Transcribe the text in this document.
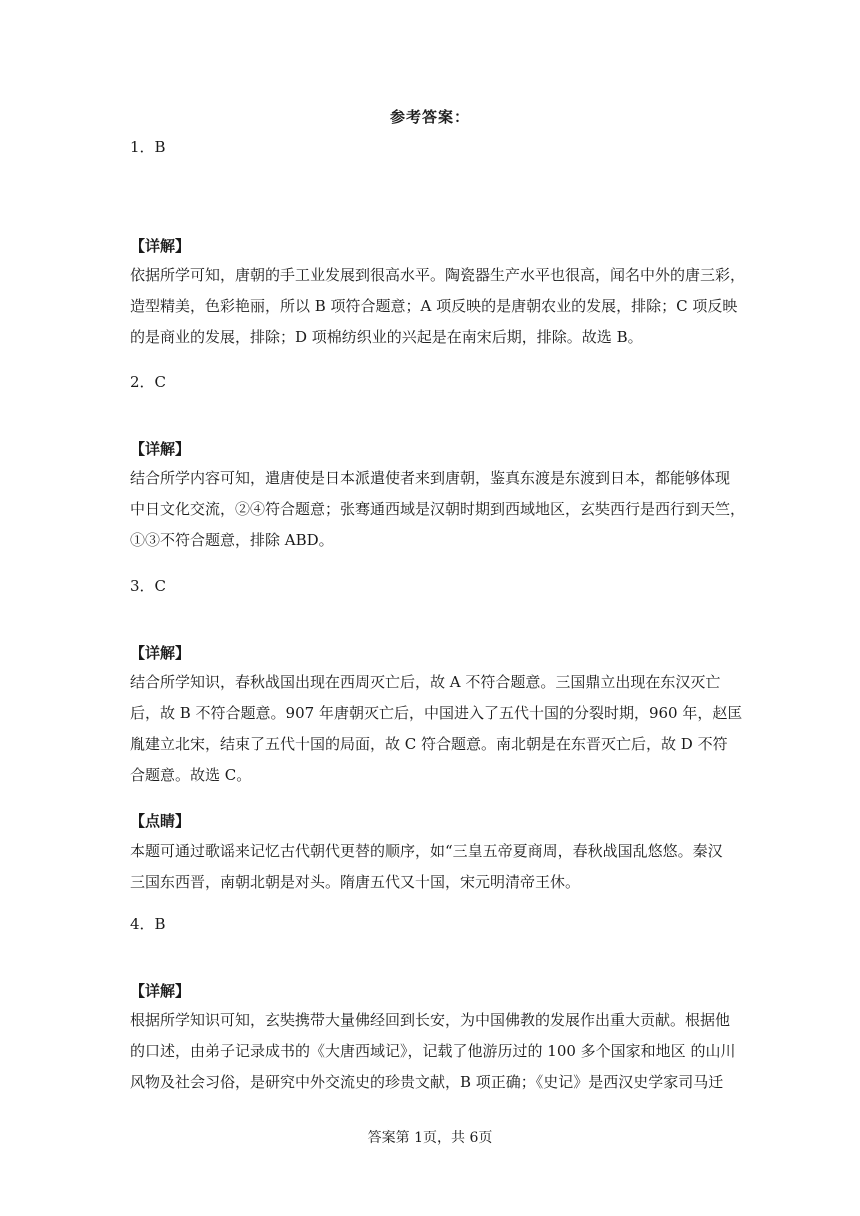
参考答案：
1．B
【详解】
依据所学可知，唐朝的手工业发展到很高水平。陶瓷器生产水平也很高，闻名中外的唐三彩，
造型精美，色彩艳丽，所以 B 项符合题意；A 项反映的是唐朝农业的发展，排除；C 项反映
的是商业的发展，排除；D 项棉纺织业的兴起是在南宋后期，排除。故选 B。
2．C
【详解】
结合所学内容可知，遣唐使是日本派遣使者来到唐朝，鉴真东渡是东渡到日本，都能够体现
中日文化交流，②④符合题意；张骞通西域是汉朝时期到西域地区，玄奘西行是西行到天竺，
①③不符合题意，排除 ABD。
3．C
【详解】
结合所学知识，春秋战国出现在西周灭亡后，故 A 不符合题意。三国鼎立出现在东汉灭亡
后，故 B 不符合题意。907 年唐朝灭亡后，中国进入了五代十国的分裂时期，960 年，赵匡
胤建立北宋，结束了五代十国的局面，故 C 符合题意。南北朝是在东晋灭亡后，故 D 不符
合题意。故选 C。
【点睛】
本题可通过歌谣来记忆古代朝代更替的顺序，如“三皇五帝夏商周，春秋战国乱悠悠。秦汉
三国东西晋，南朝北朝是对头。隋唐五代又十国，宋元明清帝王休。
4．B
【详解】
根据所学知识可知，玄奘携带大量佛经回到长安，为中国佛教的发展作出重大贡献。根据他
的口述，由弟子记录成书的《大唐西域记》，记载了他游历过的 100 多个国家和地区 的山川
风物及社会习俗，是研究中外交流史的珍贵文献，B 项正确；《史记》是西汉史学家司马迁
答案第 1页，共 6页
